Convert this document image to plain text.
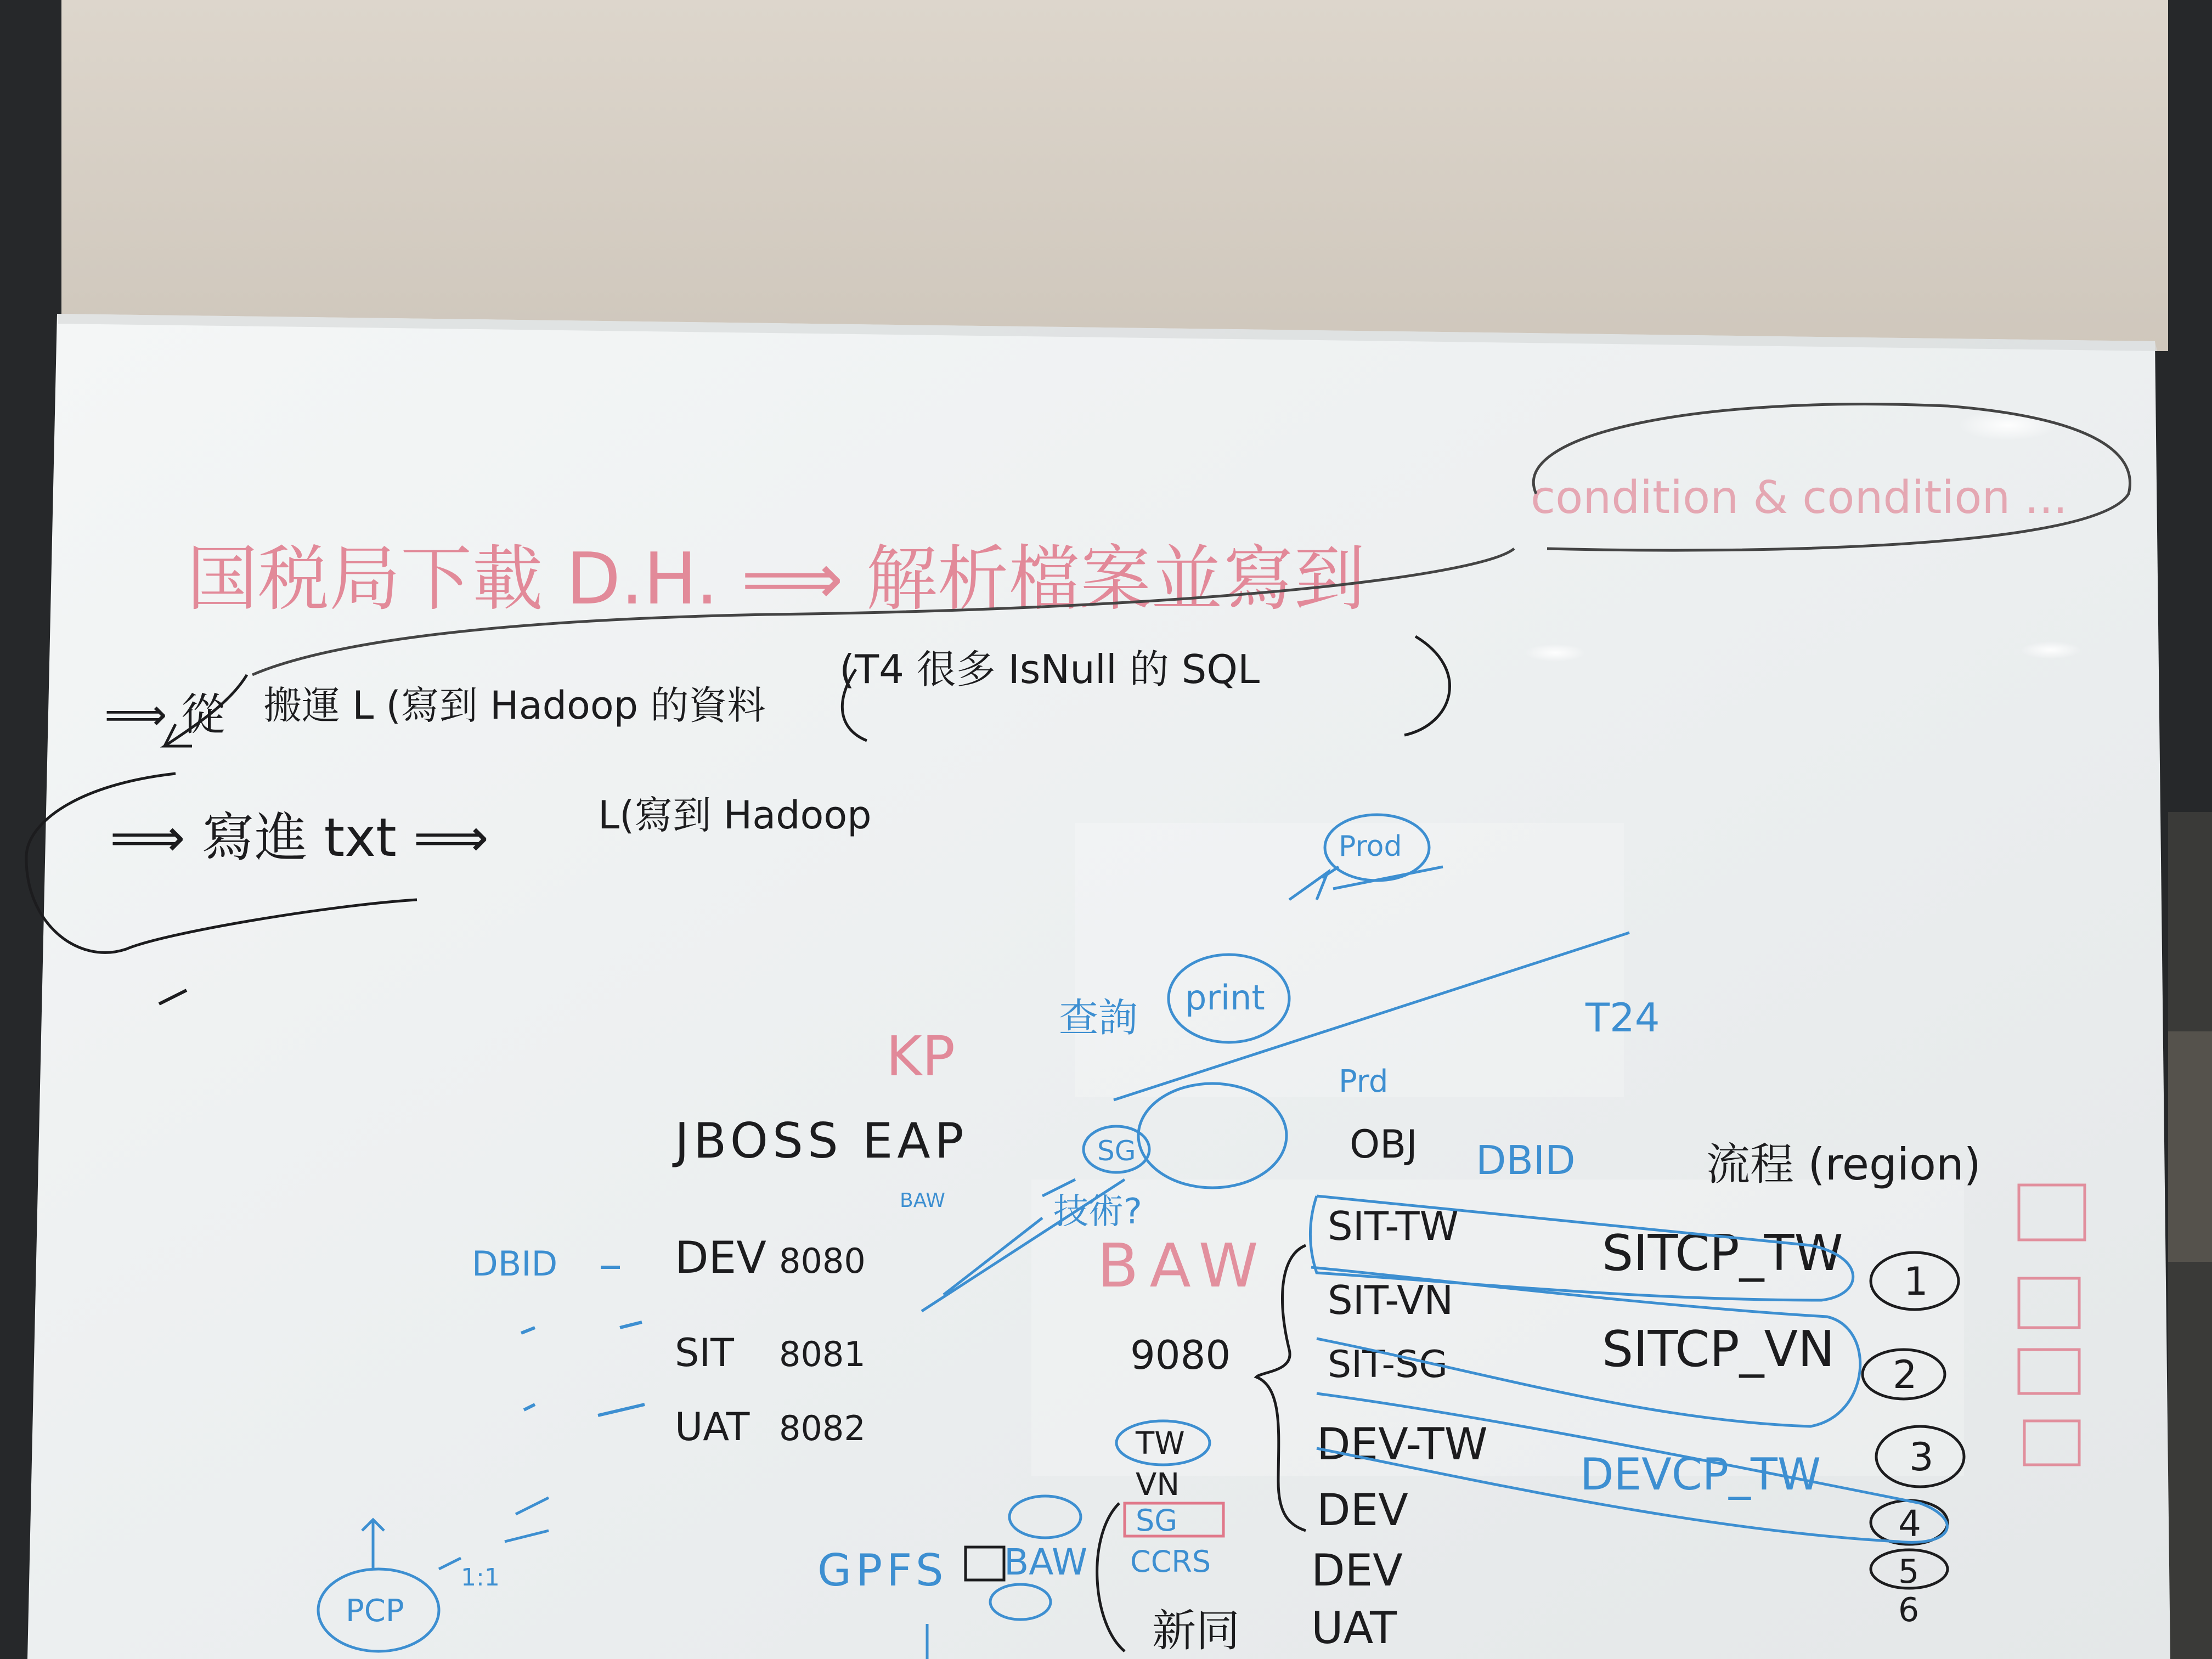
国税局下載 D.H. ⟹ 解析檔案並寫到
condition & condition ...
KP
BAW
⟹ 從 搬運 L (寫到 Hadoop 的資料
(T4 很多 IsNull 的 SQL
⟹ 寫進 txt ⟹	L(寫到 Hadoop
JBOSS EAP
DEV 8080
SIT 8081
UAT 8082
9080
OBJ	流程 (region)
SIT-TW
SIT-VN
SIT-SG
DEV-TW
DEV
DEV
UAT
1
2
3
4
5
6
新同
DBID
DBID
SITCP_TW
SITCP_VN
DEVCP_TW
查詢 print
Prod
Prd
T24
SG
技術?
BAW
TW
VN
SG
CCRS
GPFS BAW
PCP
1:1
